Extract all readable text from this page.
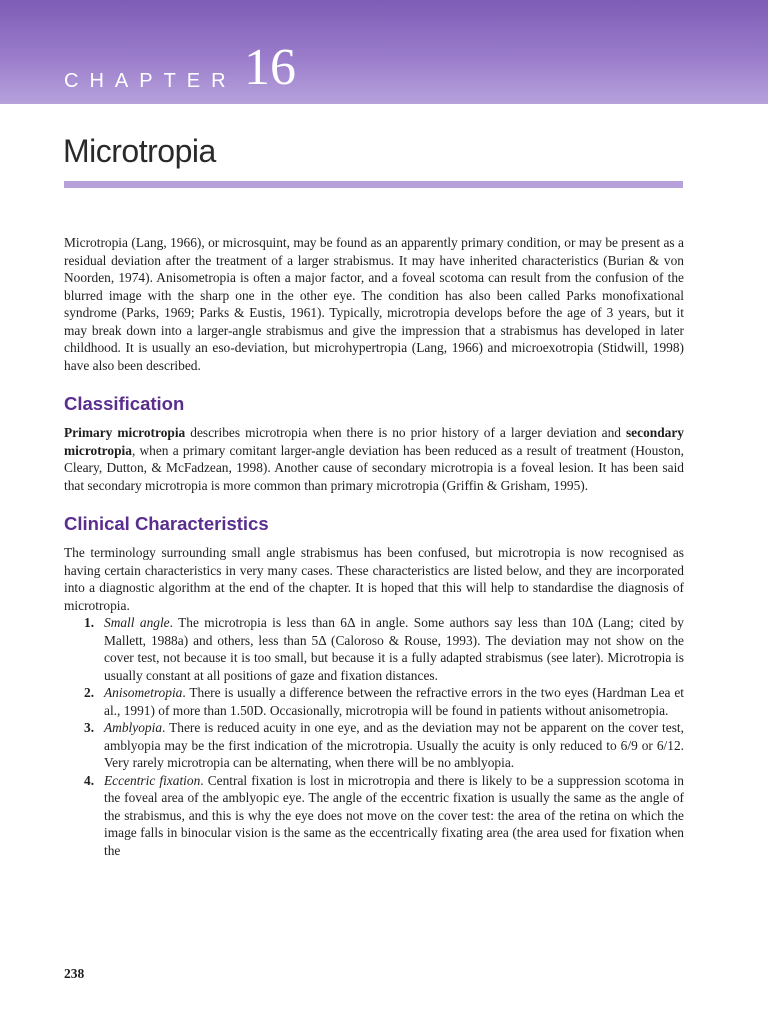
CHAPTER 16
Microtropia

Microtropia (Lang, 1966), or microsquint, may be found as an apparently primary condition, or may be present as a residual deviation after the treatment of a larger strabismus. It may have inherited characteristics (Burian & von Noorden, 1974). Anisometropia is often a major factor, and a foveal scotoma can result from the confusion of the blurred image with the sharp one in the other eye. The condition has also been called Parks monofixational syndrome (Parks, 1969; Parks & Eustis, 1961). Typically, microtropia develops before the age of 3 years, but it may break down into a larger-angle strabismus and give the impression that a strabismus has developed in later childhood. It is usually an eso-deviation, but microhypertropia (Lang, 1966) and microexotropia (Stidwill, 1998) have also been described.

Classification

Primary microtropia describes microtropia when there is no prior history of a larger deviation and secondary microtropia, when a primary comitant larger-angle deviation has been reduced as a result of treatment (Houston, Cleary, Dutton, & McFadzean, 1998). Another cause of secondary microtropia is a foveal lesion. It has been said that secondary microtropia is more common than primary microtropia (Griffin & Grisham, 1995).

Clinical Characteristics

The terminology surrounding small angle strabismus has been confused, but microtropia is now recognised as having certain characteristics in very many cases. These characteristics are listed below, and they are incorporated into a diagnostic algorithm at the end of the chapter. It is hoped that this will help to standardise the diagnosis of microtropia.

1. Small angle. The microtropia is less than 6Δ in angle. Some authors say less than 10Δ (Lang; cited by Mallett, 1988a) and others, less than 5Δ (Caloroso & Rouse, 1993). The deviation may not show on the cover test, not because it is too small, but because it is a fully adapted strabismus (see later). Microtropia is usually constant at all positions of gaze and fixation distances.
2. Anisometropia. There is usually a difference between the refractive errors in the two eyes (Hardman Lea et al., 1991) of more than 1.50D. Occasionally, microtropia will be found in patients without anisometropia.
3. Amblyopia. There is reduced acuity in one eye, and as the deviation may not be apparent on the cover test, amblyopia may be the first indication of the microtropia. Usually the acuity is only reduced to 6/9 or 6/12. Very rarely microtropia can be alternating, when there will be no amblyopia.
4. Eccentric fixation. Central fixation is lost in microtropia and there is likely to be a suppression scotoma in the foveal area of the amblyopic eye. The angle of the eccentric fixation is usually the same as the angle of the strabismus, and this is why the eye does not move on the cover test: the area of the retina on which the image falls in binocular vision is the same as the eccentrically fixating area (the area used for fixation when the
238
